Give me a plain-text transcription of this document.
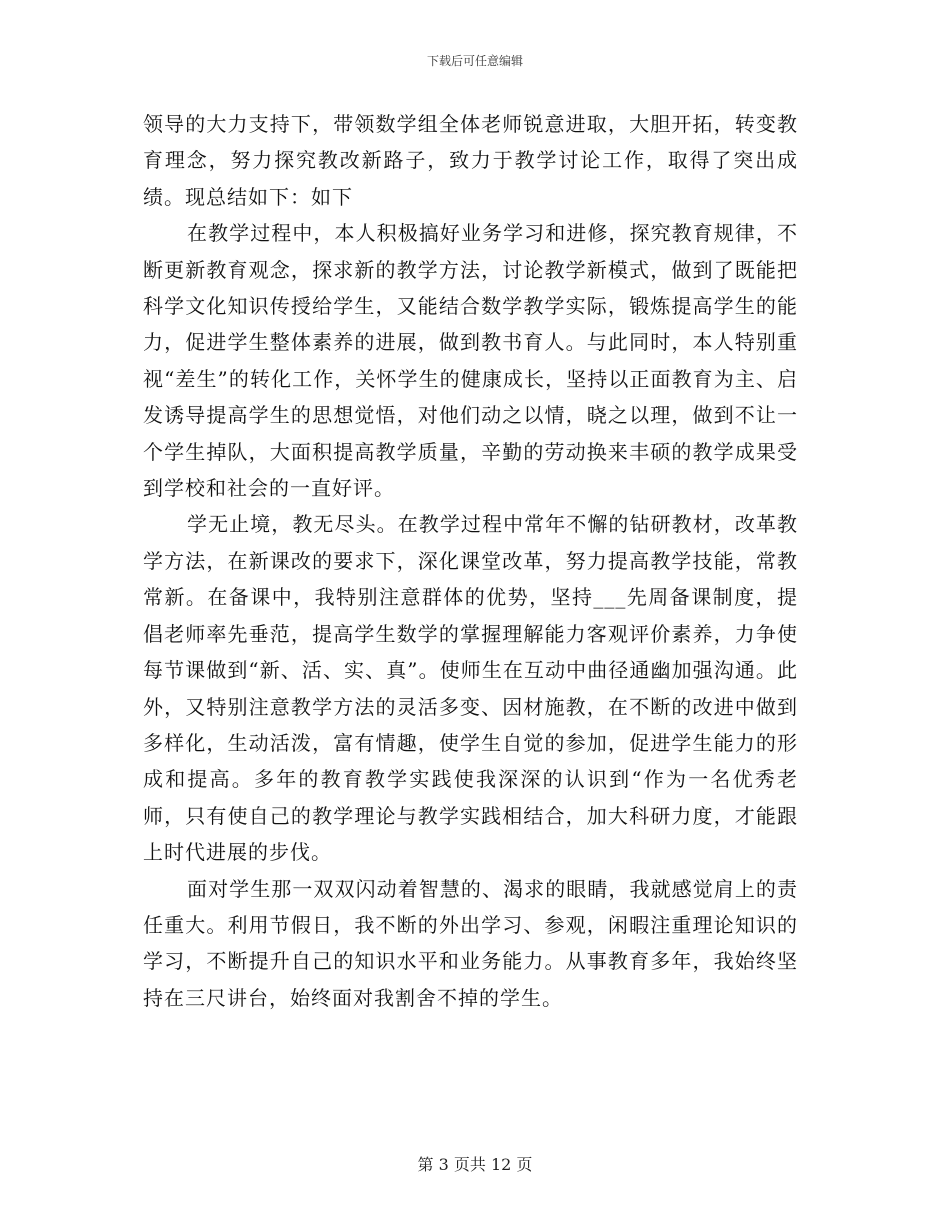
下载后可任意编辑

领导的大力支持下，带领数学组全体老师锐意进取，大胆开拓，转变教育理念，努力探究教改新路子，致力于教学讨论工作，取得了突出成绩。现总结如下：如下

在教学过程中，本人积极搞好业务学习和进修，探究教育规律，不断更新教育观念，探求新的教学方法，讨论教学新模式，做到了既能把科学文化知识传授给学生，又能结合数学教学实际，锻炼提高学生的能力，促进学生整体素养的进展，做到教书育人。与此同时，本人特别重视“差生”的转化工作，关怀学生的健康成长，坚持以正面教育为主、启发诱导提高学生的思想觉悟，对他们动之以情，晓之以理，做到不让一个学生掉队，大面积提高教学质量，辛勤的劳动换来丰硕的教学成果受到学校和社会的一直好评。

学无止境，教无尽头。在教学过程中常年不懈的钻研教材，改革教学方法，在新课改的要求下，深化课堂改革，努力提高教学技能，常教常新。在备课中，我特别注意群体的优势，坚持___先周备课制度，提倡老师率先垂范，提高学生数学的掌握理解能力客观评价素养，力争使每节课做到“新、活、实、真”。使师生在互动中曲径通幽加强沟通。此外，又特别注意教学方法的灵活多变、因材施教，在不断的改进中做到多样化，生动活泼，富有情趣，使学生自觉的参加，促进学生能力的形成和提高。多年的教育教学实践使我深深的认识到“作为一名优秀老师，只有使自己的教学理论与教学实践相结合，加大科研力度，才能跟上时代进展的步伐。

面对学生那一双双闪动着智慧的、渴求的眼睛，我就感觉肩上的责任重大。利用节假日，我不断的外出学习、参观，闲暇注重理论知识的学习，不断提升自己的知识水平和业务能力。从事教育多年，我始终坚持在三尺讲台，始终面对我割舍不掉的学生。

第 3 页共 12 页
